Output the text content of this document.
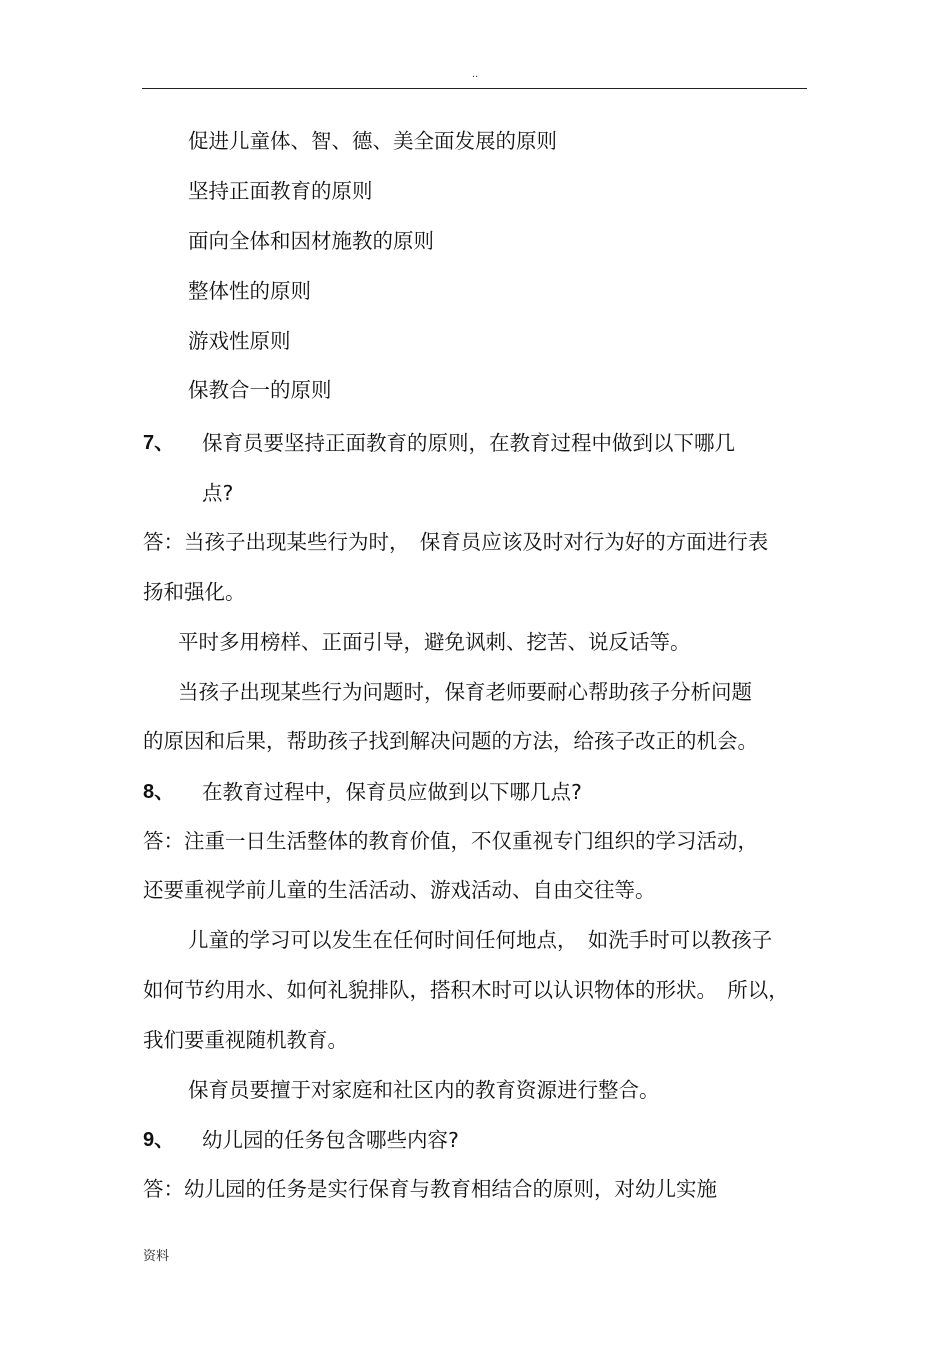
··
促进儿童体、智、德、美全面发展的原则
坚持正面教育的原则
面向全体和因材施教的原则
整体性的原则
游戏性原则
保教合一的原则
7、 保育员要坚持正面教育的原则，在教育过程中做到以下哪几
点?
答：当孩子出现某些行为时，　保育员应该及时对行为好的方面进行表
扬和强化。
平时多用榜样、正面引导，避免讽刺、挖苦、说反话等。
当孩子出现某些行为问题时，保育老师要耐心帮助孩子分析问题
的原因和后果，帮助孩子找到解决问题的方法，给孩子改正的机会。
8、 在教育过程中，保育员应做到以下哪几点?
答：注重一日生活整体的教育价值，不仅重视专门组织的学习活动，
还要重视学前儿童的生活活动、游戏活动、自由交往等。
儿童的学习可以发生在任何时间任何地点，　如洗手时可以教孩子
如何节约用水、如何礼貌排队，搭积木时可以认识物体的形状。　所以，
我们要重视随机教育。
保育员要擅于对家庭和社区内的教育资源进行整合。
9、 幼儿园的任务包含哪些内容?
答：幼儿园的任务是实行保育与教育相结合的原则，对幼儿实施
资料
